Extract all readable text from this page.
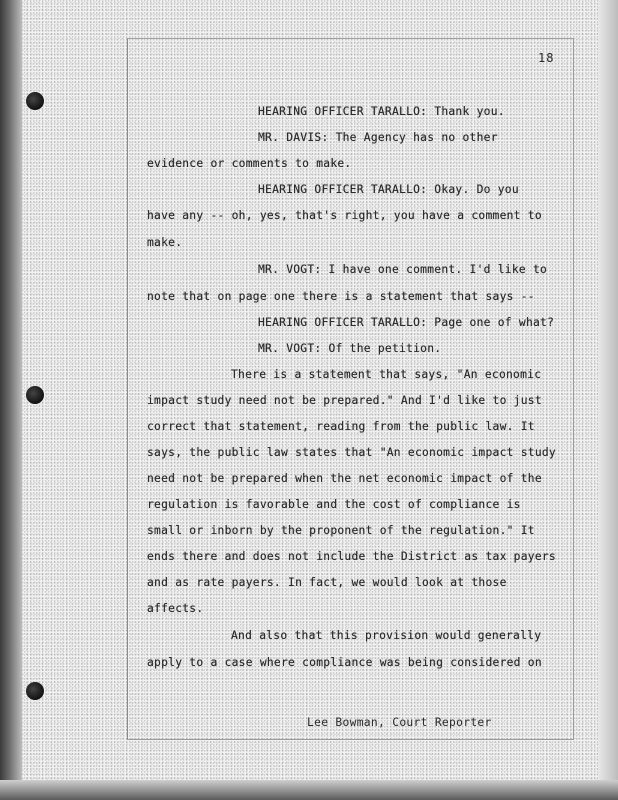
18
HEARING OFFICER TARALLO: Thank you.
MR. DAVIS: The Agency has no other
evidence or comments to make.
HEARING OFFICER TARALLO: Okay. Do you
have any -- oh, yes, that's right, you have a comment to
make.
MR. VOGT: I have one comment. I'd like to
note that on page one there is a statement that says --
HEARING OFFICER TARALLO: Page one of what?
MR. VOGT: Of the petition.
There is a statement that says, "An economic
impact study need not be prepared." And I'd like to just
correct that statement, reading from the public law. It
says, the public law states that "An economic impact study
need not be prepared when the net economic impact of the
regulation is favorable and the cost of compliance is
small or inborn by the proponent of the regulation." It
ends there and does not include the District as tax payers
and as rate payers. In fact, we would look at those
affects.
And also that this provision would generally
apply to a case where compliance was being considered on
Lee Bowman, Court Reporter
